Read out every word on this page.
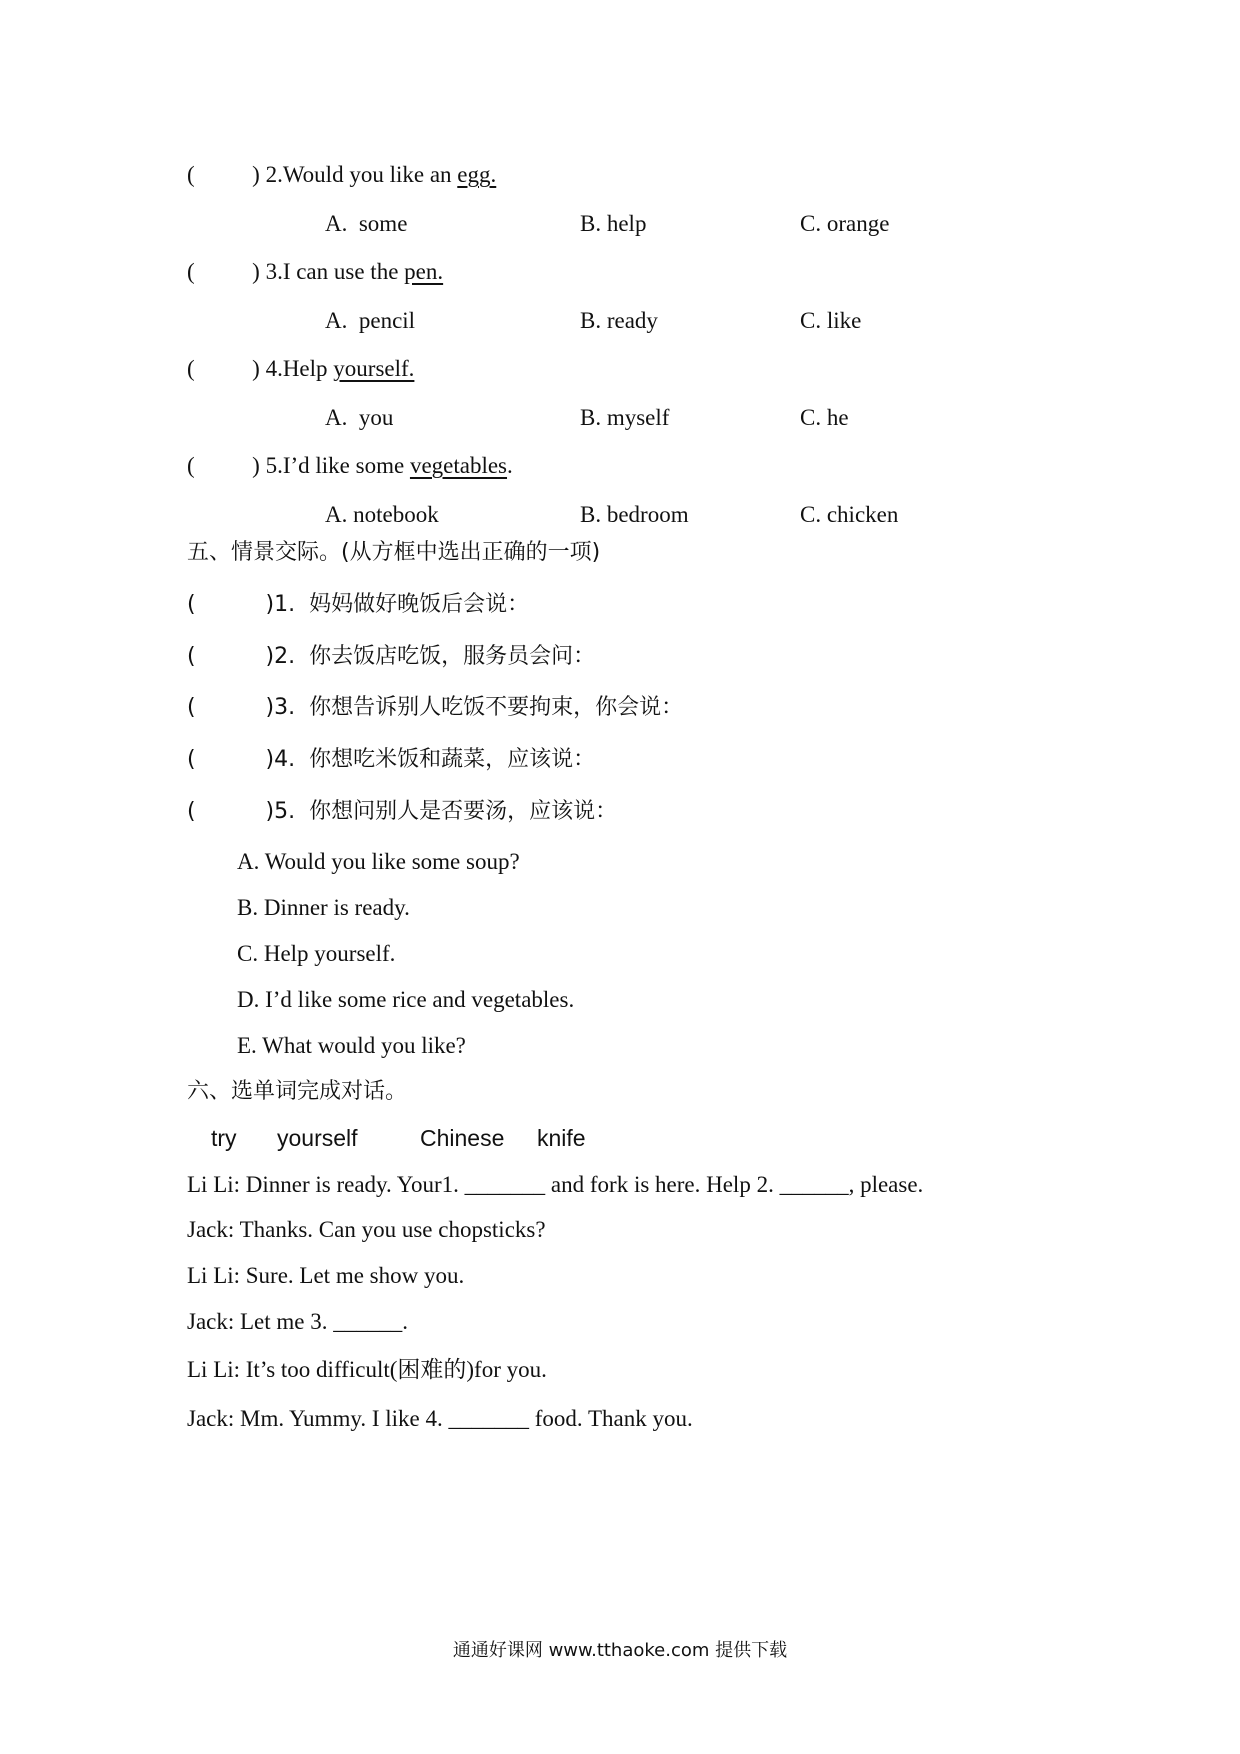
(          ) 2.Would you like an egg.
A.  some	B. help	C. orange
(          ) 3.I can use the pen.
A.  pencil	B. ready	C. like
(          ) 4.Help yourself.
A.  you	B. myself	C. he
(          ) 5.I’d like some vegetables.
A. notebook	B. bedroom	C. chicken
五、情景交际。(从方框中选出正确的一项)
(          )1.  妈妈做好晚饭后会说：
(          )2.  你去饭店吃饭，服务员会问：
(          )3.  你想告诉别人吃饭不要拘束，你会说：
(          )4.  你想吃米饭和蔬菜，应该说：
(          )5.  你想问别人是否要汤，应该说：
A. Would you like some soup?
B. Dinner is ready.
C. Help yourself.
D. I’d like some rice and vegetables.
E. What would you like?
六、选单词完成对话。
try yourself	Chinese knife
Li Li: Dinner is ready. Your1. _______ and fork is here. Help 2. ______, please.
Jack: Thanks. Can you use chopsticks?
Li Li: Sure. Let me show you.
Jack: Let me 3. ______.
Li Li: It’s too difficult(困难的)for you.
Jack: Mm. Yummy. I like 4. _______ food. Thank you.
通通好课网 www.tthaoke.com 提供下载
